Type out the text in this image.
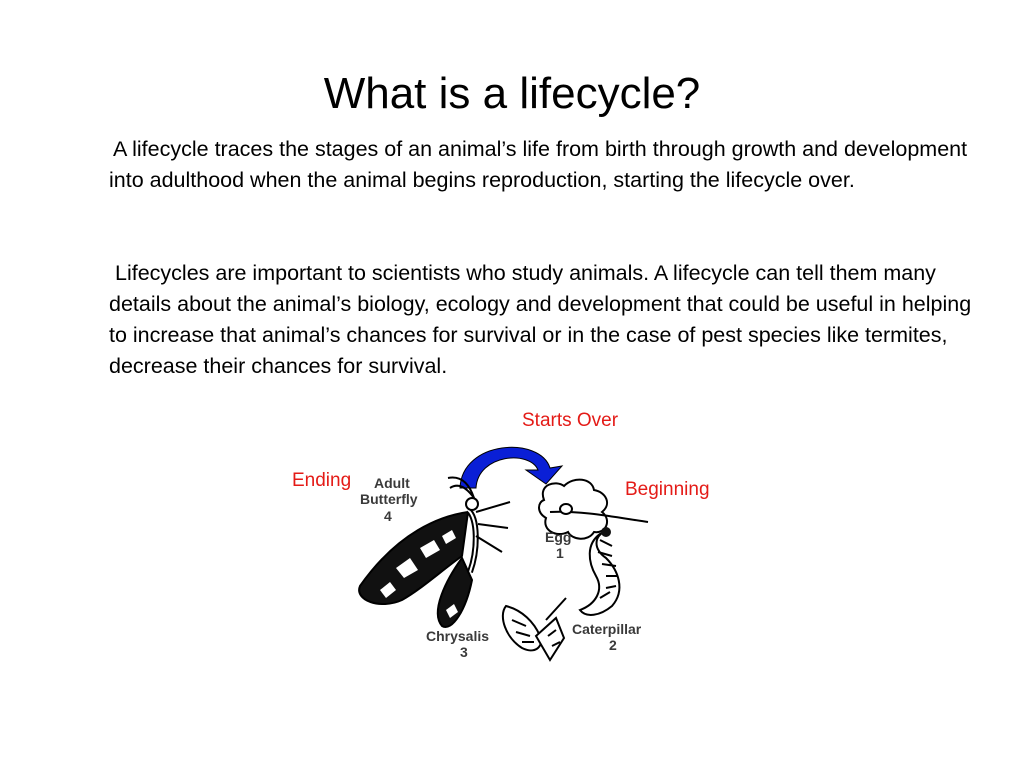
What is a lifecycle?

A lifecycle traces the stages of an animal’s life from birth through growth and development into adulthood when the animal begins reproduction, starting the lifecycle over.

Lifecycles are important to scientists who study animals. A lifecycle can tell them many details about the animal’s biology, ecology and development that could be useful in helping to increase that animal’s chances for survival or in the case of pest species like termites, decrease their chances for survival.

Starts Over
Ending	Beginning
Adult
Butterfly
4
Egg
1
Caterpillar
2
Chrysalis
3
